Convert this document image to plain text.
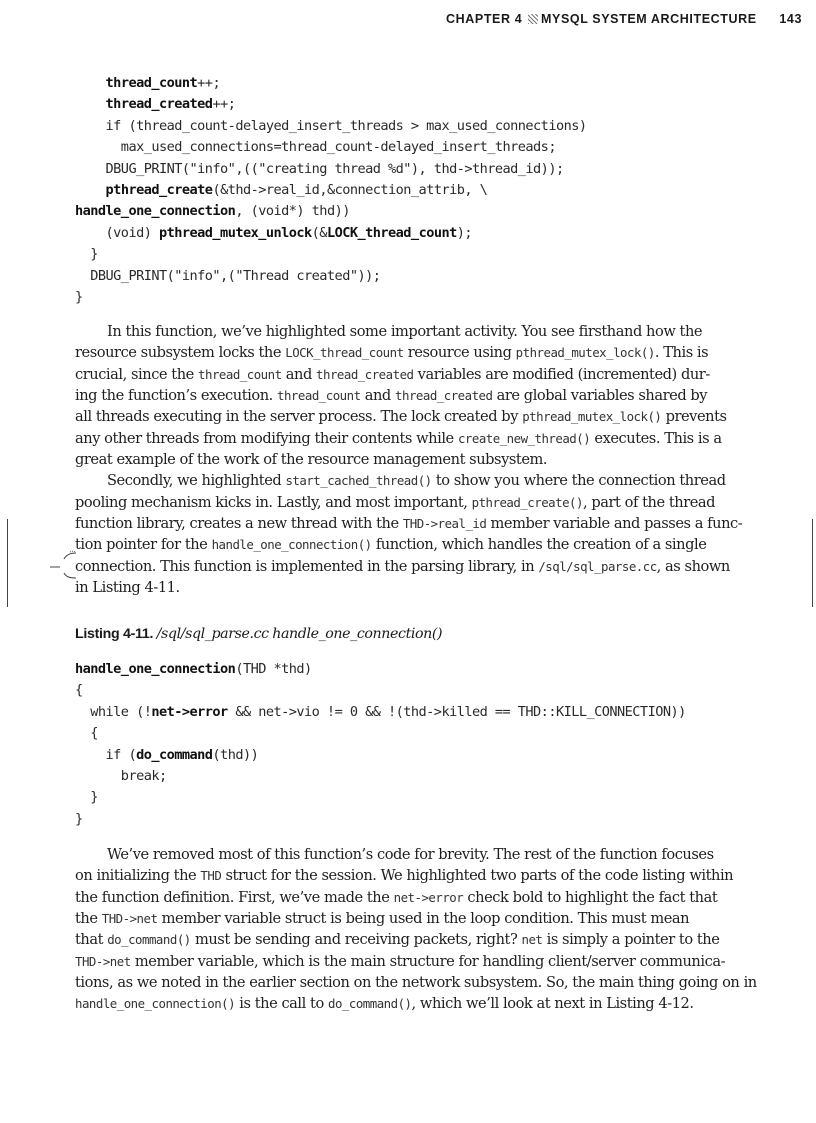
CHAPTER 4 MYSQL SYSTEM ARCHITECTURE 143
thread_count++;
thread_created++;
if (thread_count-delayed_insert_threads > max_used_connections)
max_used_connections=thread_count-delayed_insert_threads;
DBUG_PRINT("info",(("creating thread %d"), thd->thread_id));
pthread_create(&thd->real_id,&connection_attrib, \
handle_one_connection, (void*) thd))
(void) pthread_mutex_unlock(&LOCK_thread_count);
}
DBUG_PRINT("info",("Thread created"));
}
In this function, we’ve highlighted some important activity. You see firsthand how the
resource subsystem locks the LOCK_thread_count resource using pthread_mutex_lock(). This is
crucial, since the thread_count and thread_created variables are modified (incremented) dur-
ing the function’s execution. thread_count and thread_created are global variables shared by
all threads executing in the server process. The lock created by pthread_mutex_lock() prevents
any other threads from modifying their contents while create_new_thread() executes. This is a
great example of the work of the resource management subsystem.
Secondly, we highlighted start_cached_thread() to show you where the connection thread
pooling mechanism kicks in. Lastly, and most important, pthread_create(), part of the thread
function library, creates a new thread with the THD->real_id member variable and passes a func-
tion pointer for the handle_one_connection() function, which handles the creation of a single
connection. This function is implemented in the parsing library, in /sql/sql_parse.cc, as shown
in Listing 4-11.
Listing 4-11. /sql/sql_parse.cc handle_one_connection()
handle_one_connection(THD *thd)
{
while (!net->error && net->vio != 0 && !(thd->killed == THD::KILL_CONNECTION))
{
if (do_command(thd))
break;
}
}
We’ve removed most of this function’s code for brevity. The rest of the function focuses
on initializing the THD struct for the session. We highlighted two parts of the code listing within
the function definition. First, we’ve made the net->error check bold to highlight the fact that
the THD->net member variable struct is being used in the loop condition. This must mean
that do_command() must be sending and receiving packets, right? net is simply a pointer to the
THD->net member variable, which is the main structure for handling client/server communica-
tions, as we noted in the earlier section on the network subsystem. So, the main thing going on in
handle_one_connection() is the call to do_command(), which we’ll look at next in Listing 4-12.
